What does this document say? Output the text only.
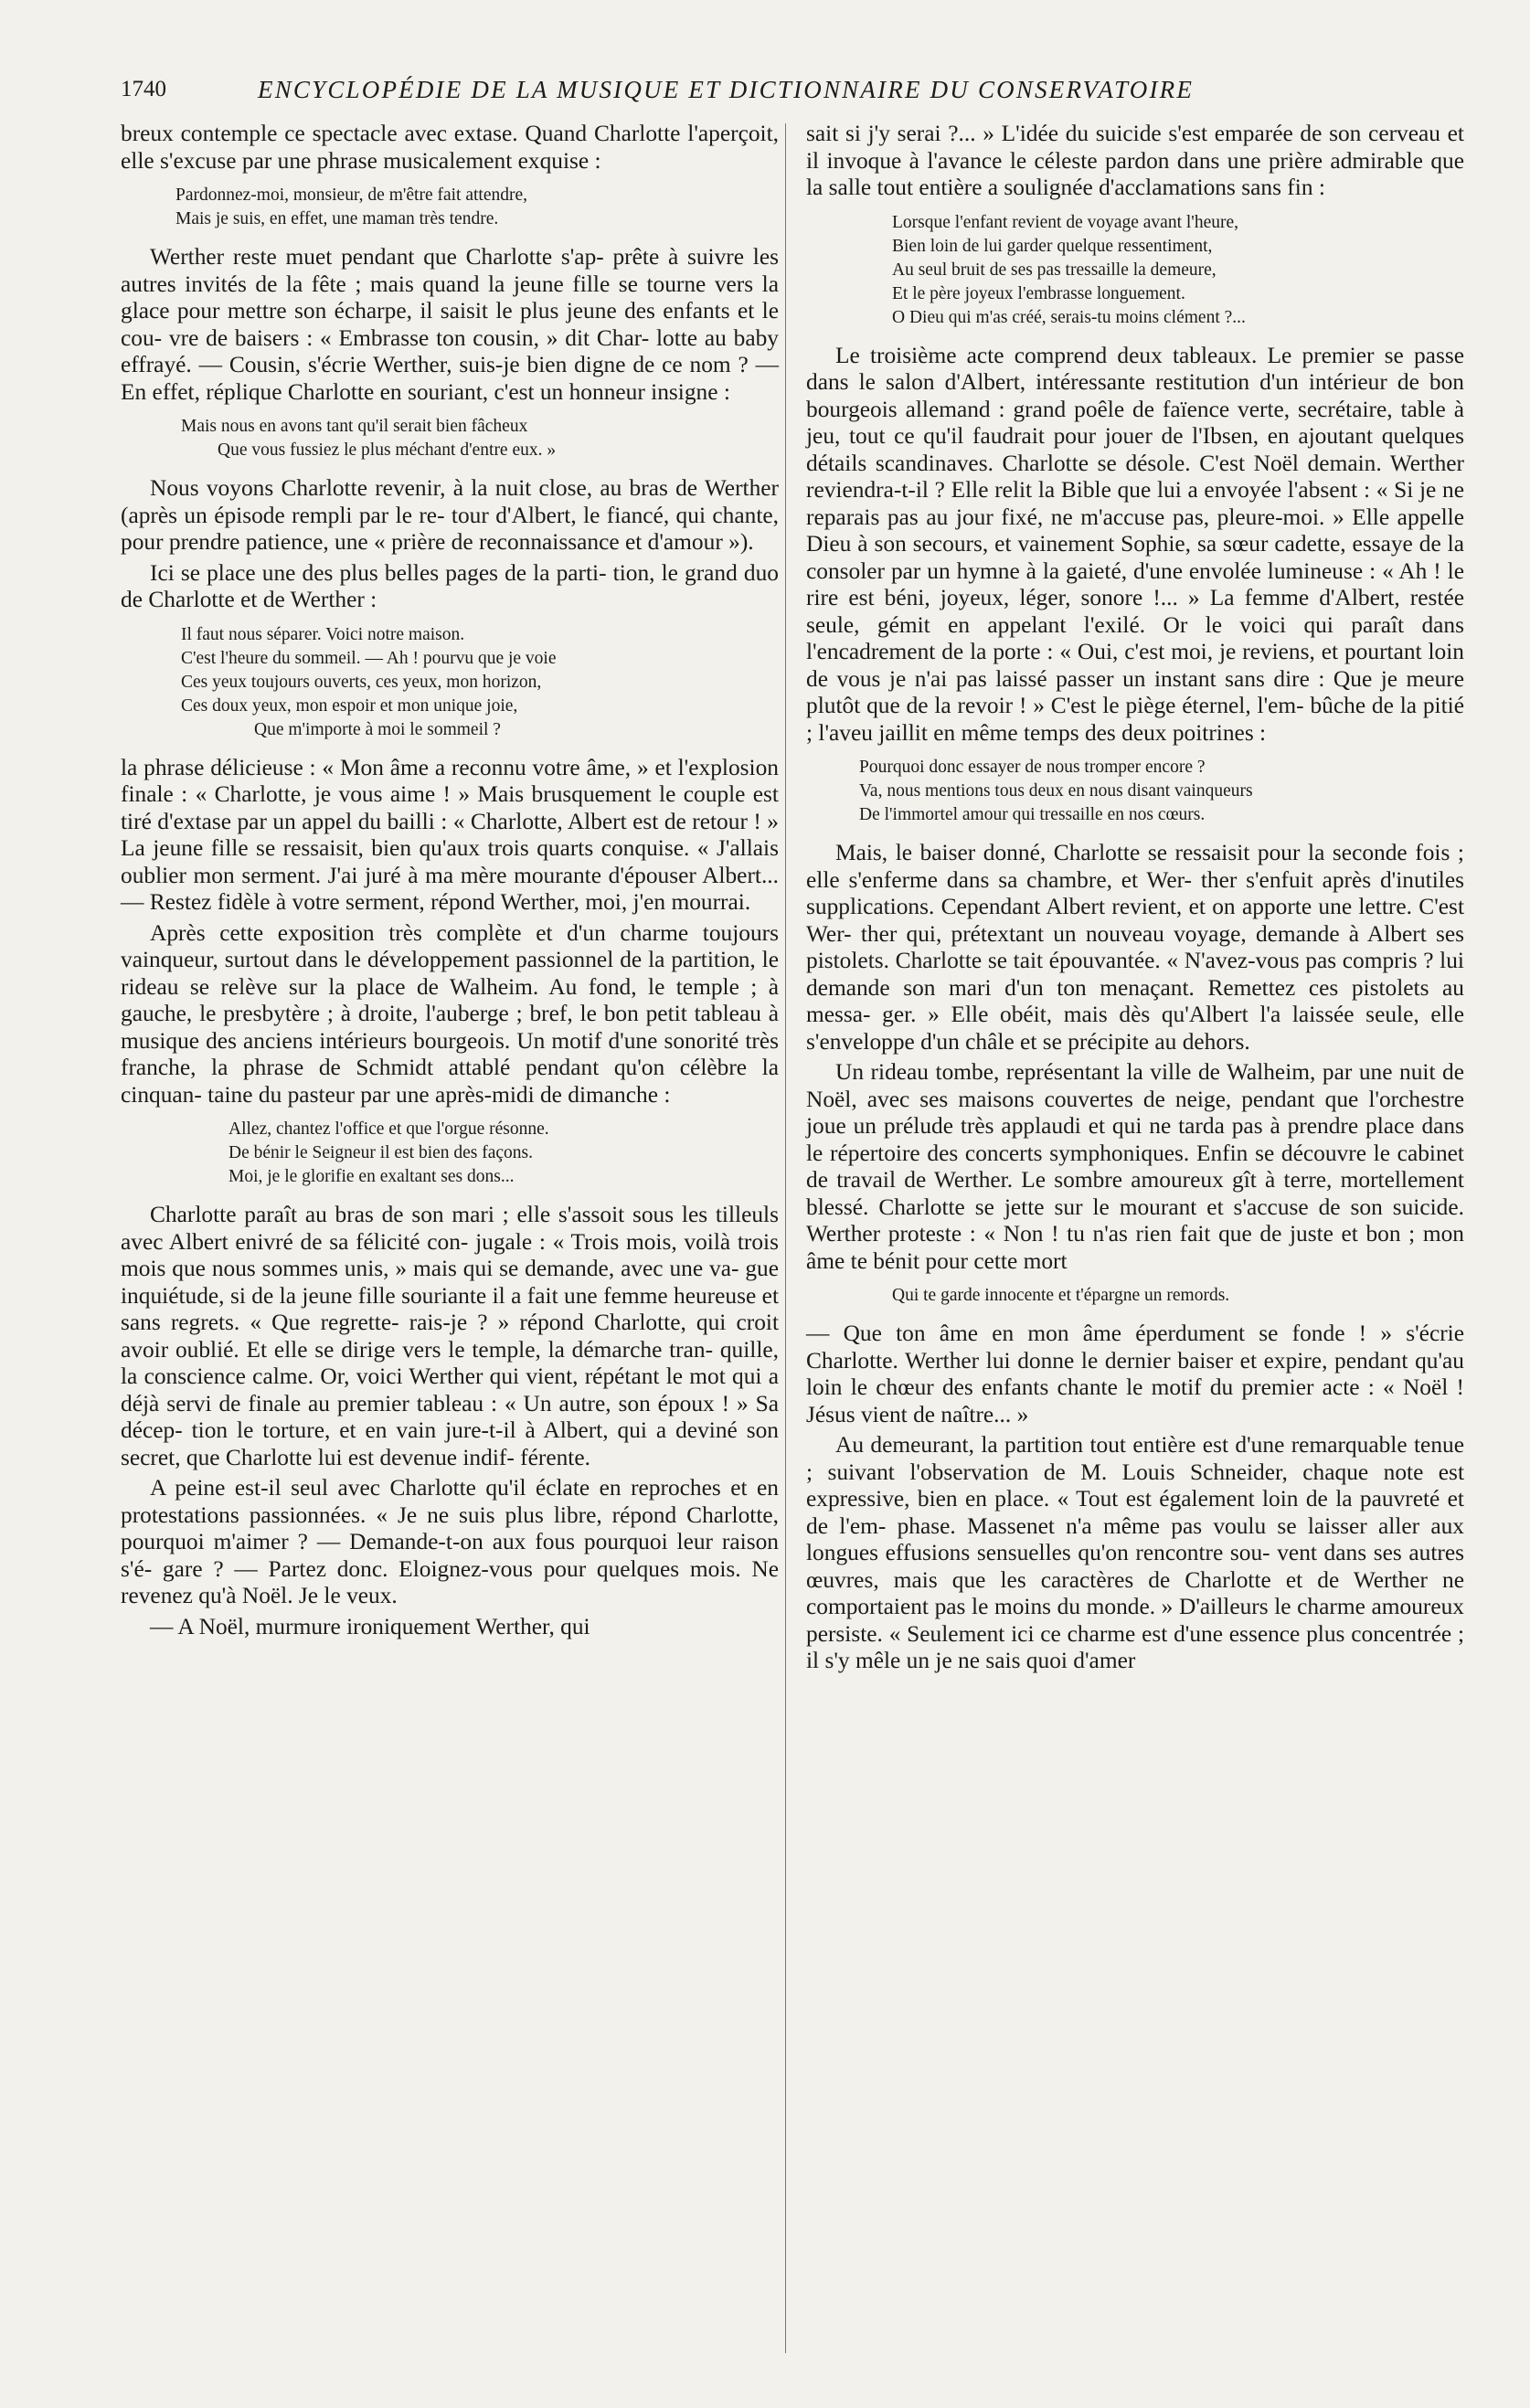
1740	ENCYCLOPÉDIE DE LA MUSIQUE ET DICTIONNAIRE DU CONSERVATOIRE

breux contemple ce spectacle avec extase. Quand Charlotte l'aperçoit, elle s'excuse par une phrase musicalement exquise :

Pardonnez-moi, monsieur, de m'être fait attendre,
Mais je suis, en effet, une maman très tendre.

Werther reste muet pendant que Charlotte s'ap- prête à suivre les autres invités de la fête ; mais quand la jeune fille se tourne vers la glace pour mettre son écharpe, il saisit le plus jeune des enfants et le cou- vre de baisers : « Embrasse ton cousin, » dit Char- lotte au baby effrayé. — Cousin, s'écrie Werther, suis-je bien digne de ce nom ? — En effet, réplique Charlotte en souriant, c'est un honneur insigne :

Mais nous en avons tant qu'il serait bien fâcheux
Que vous fussiez le plus méchant d'entre eux. »

Nous voyons Charlotte revenir, à la nuit close, au bras de Werther (après un épisode rempli par le re- tour d'Albert, le fiancé, qui chante, pour prendre patience, une « prière de reconnaissance et d'amour »).

Ici se place une des plus belles pages de la parti- tion, le grand duo de Charlotte et de Werther :

Il faut nous séparer. Voici notre maison.
C'est l'heure du sommeil. — Ah ! pourvu que je voie
Ces yeux toujours ouverts, ces yeux, mon horizon,
Ces doux yeux, mon espoir et mon unique joie,
Que m'importe à moi le sommeil ?

la phrase délicieuse : « Mon âme a reconnu votre âme, » et l'explosion finale : « Charlotte, je vous aime ! » Mais brusquement le couple est tiré d'extase par un appel du bailli : « Charlotte, Albert est de retour ! » La jeune fille se ressaisit, bien qu'aux trois quarts conquise. « J'allais oublier mon serment. J'ai juré à ma mère mourante d'épouser Albert... — Restez fidèle à votre serment, répond Werther, moi, j'en mourrai.

Après cette exposition très complète et d'un charme toujours vainqueur, surtout dans le développement passionnel de la partition, le rideau se relève sur la place de Walheim. Au fond, le temple ; à gauche, le presbytère ; à droite, l'auberge ; bref, le bon petit tableau à musique des anciens intérieurs bourgeois. Un motif d'une sonorité très franche, la phrase de Schmidt attablé pendant qu'on célèbre la cinquan- taine du pasteur par une après-midi de dimanche :

Allez, chantez l'office et que l'orgue résonne.
De bénir le Seigneur il est bien des façons.
Moi, je le glorifie en exaltant ses dons...

Charlotte paraît au bras de son mari ; elle s'assoit sous les tilleuls avec Albert enivré de sa félicité con- jugale : « Trois mois, voilà trois mois que nous sommes unis, » mais qui se demande, avec une va- gue inquiétude, si de la jeune fille souriante il a fait une femme heureuse et sans regrets. « Que regrette- rais-je ? » répond Charlotte, qui croit avoir oublié. Et elle se dirige vers le temple, la démarche tran- quille, la conscience calme. Or, voici Werther qui vient, répétant le mot qui a déjà servi de finale au premier tableau : « Un autre, son époux ! » Sa décep- tion le torture, et en vain jure-t-il à Albert, qui a deviné son secret, que Charlotte lui est devenue indif- férente.

A peine est-il seul avec Charlotte qu'il éclate en reproches et en protestations passionnées. « Je ne suis plus libre, répond Charlotte, pourquoi m'aimer ? — Demande-t-on aux fous pourquoi leur raison s'é- gare ? — Partez donc. Eloignez-vous pour quelques mois. Ne revenez qu'à Noël. Je le veux.

— A Noël, murmure ironiquement Werther, qui

sait si j'y serai ?... » L'idée du suicide s'est emparée de son cerveau et il invoque à l'avance le céleste pardon dans une prière admirable que la salle tout entière a soulignée d'acclamations sans fin :

Lorsque l'enfant revient de voyage avant l'heure,
Bien loin de lui garder quelque ressentiment,
Au seul bruit de ses pas tressaille la demeure,
Et le père joyeux l'embrasse longuement.
O Dieu qui m'as créé, serais-tu moins clément ?...

Le troisième acte comprend deux tableaux. Le premier se passe dans le salon d'Albert, intéressante restitution d'un intérieur de bon bourgeois allemand : grand poêle de faïence verte, secrétaire, table à jeu, tout ce qu'il faudrait pour jouer de l'Ibsen, en ajoutant quelques détails scandinaves. Charlotte se désole. C'est Noël demain. Werther reviendra-t-il ? Elle relit la Bible que lui a envoyée l'absent : « Si je ne reparais pas au jour fixé, ne m'accuse pas, pleure-moi. » Elle appelle Dieu à son secours, et vainement Sophie, sa sœur cadette, essaye de la consoler par un hymne à la gaieté, d'une envolée lumineuse : « Ah ! le rire est béni, joyeux, léger, sonore !... » La femme d'Albert, restée seule, gémit en appelant l'exilé. Or le voici qui paraît dans l'encadrement de la porte : « Oui, c'est moi, je reviens, et pourtant loin de vous je n'ai pas laissé passer un instant sans dire : Que je meure plutôt que de la revoir ! » C'est le piège éternel, l'em- bûche de la pitié ; l'aveu jaillit en même temps des deux poitrines :

Pourquoi donc essayer de nous tromper encore ?
Va, nous mentions tous deux en nous disant vainqueurs
De l'immortel amour qui tressaille en nos cœurs.

Mais, le baiser donné, Charlotte se ressaisit pour la seconde fois ; elle s'enferme dans sa chambre, et Wer- ther s'enfuit après d'inutiles supplications. Cependant Albert revient, et on apporte une lettre. C'est Wer- ther qui, prétextant un nouveau voyage, demande à Albert ses pistolets. Charlotte se tait épouvantée. « N'avez-vous pas compris ? lui demande son mari d'un ton menaçant. Remettez ces pistolets au messa- ger. » Elle obéit, mais dès qu'Albert l'a laissée seule, elle s'enveloppe d'un châle et se précipite au dehors.

Un rideau tombe, représentant la ville de Walheim, par une nuit de Noël, avec ses maisons couvertes de neige, pendant que l'orchestre joue un prélude très applaudi et qui ne tarda pas à prendre place dans le répertoire des concerts symphoniques. Enfin se découvre le cabinet de travail de Werther. Le sombre amoureux gît à terre, mortellement blessé. Charlotte se jette sur le mourant et s'accuse de son suicide. Werther proteste : « Non ! tu n'as rien fait que de juste et bon ; mon âme te bénit pour cette mort

Qui te garde innocente et t'épargne un remords.

— Que ton âme en mon âme éperdument se fonde ! » s'écrie Charlotte. Werther lui donne le dernier baiser et expire, pendant qu'au loin le chœur des enfants chante le motif du premier acte : « Noël ! Jésus vient de naître... »

Au demeurant, la partition tout entière est d'une remarquable tenue ; suivant l'observation de M. Louis Schneider, chaque note est expressive, bien en place. « Tout est également loin de la pauvreté et de l'em- phase. Massenet n'a même pas voulu se laisser aller aux longues effusions sensuelles qu'on rencontre sou- vent dans ses autres œuvres, mais que les caractères de Charlotte et de Werther ne comportaient pas le moins du monde. » D'ailleurs le charme amoureux persiste. « Seulement ici ce charme est d'une essence plus concentrée ; il s'y mêle un je ne sais quoi d'amer
